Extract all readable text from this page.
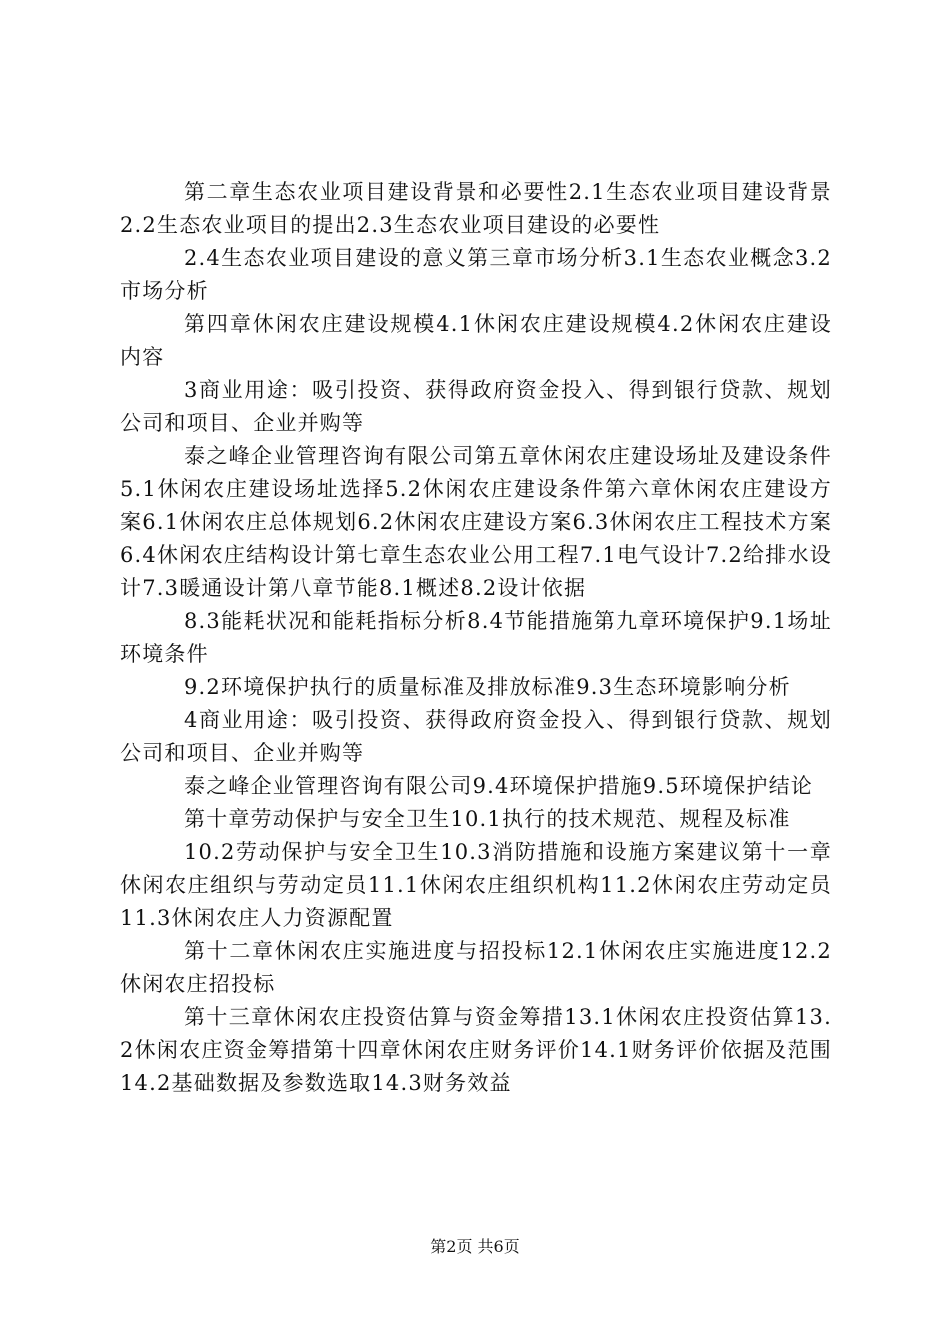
第二章生态农业项目建设背景和必要性2.1生态农业项目建设背景2.2生态农业项目的提出2.3生态农业项目建设的必要性

2.4生态农业项目建设的意义第三章市场分析3.1生态农业概念3.2市场分析

第四章休闲农庄建设规模4.1休闲农庄建设规模4.2休闲农庄建设内容

3商业用途：吸引投资、获得政府资金投入、得到银行贷款、规划公司和项目、企业并购等

泰之峰企业管理咨询有限公司第五章休闲农庄建设场址及建设条件5.1休闲农庄建设场址选择5.2休闲农庄建设条件第六章休闲农庄建设方案6.1休闲农庄总体规划6.2休闲农庄建设方案6.3休闲农庄工程技术方案6.4休闲农庄结构设计第七章生态农业公用工程7.1电气设计7.2给排水设计7.3暖通设计第八章节能8.1概述8.2设计依据

8.3能耗状况和能耗指标分析8.4节能措施第九章环境保护9.1场址环境条件

9.2环境保护执行的质量标准及排放标准9.3生态环境影响分析

4商业用途：吸引投资、获得政府资金投入、得到银行贷款、规划公司和项目、企业并购等

泰之峰企业管理咨询有限公司9.4环境保护措施9.5环境保护结论

第十章劳动保护与安全卫生10.1执行的技术规范、规程及标准

10.2劳动保护与安全卫生10.3消防措施和设施方案建议第十一章休闲农庄组织与劳动定员11.1休闲农庄组织机构11.2休闲农庄劳动定员11.3休闲农庄人力资源配置

第十二章休闲农庄实施进度与招投标12.1休闲农庄实施进度12.2休闲农庄招投标

第十三章休闲农庄投资估算与资金筹措13.1休闲农庄投资估算13.2休闲农庄资金筹措第十四章休闲农庄财务评价14.1财务评价依据及范围14.2基础数据及参数选取14.3财务效益

第2页 共6页
